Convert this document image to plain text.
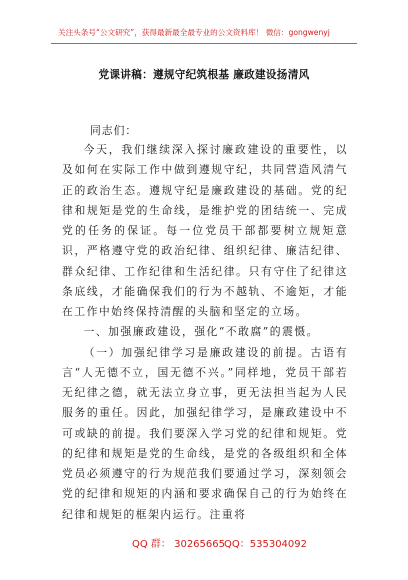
关注头条号“公文研究”，获得最新最全最专业的公文资料库！ 微信：gongwenyj
党课讲稿：遵规守纪筑根基 廉政建设扬清风
同志们：

今天，我们继续深入探讨廉政建设的重要性，以及如何在实际工作中做到遵规守纪，共同营造风清气正的政治生态。遵规守纪是廉政建设的基础。党的纪律和规矩是党的生命线，是维护党的团结统一、完成党的任务的保证。每一位党员干部都要树立规矩意识，严格遵守党的政治纪律、组织纪律、廉洁纪律、群众纪律、工作纪律和生活纪律。只有守住了纪律这条底线，才能确保我们的行为不越轨、不逾矩，才能在工作中始终保持清醒的头脑和坚定的立场。

一、加强廉政建设，强化“不敢腐”的震慑。

（一）加强纪律学习是廉政建设的前提。古语有言“人无德不立，国无德不兴。”同样地，党员干部若无纪律之德，就无法立身立事，更无法担当起为人民服务的重任。因此，加强纪律学习，是廉政建设中不可或缺的前提。我们要深入学习党的纪律和规矩。党的纪律和规矩是党的生命线，是党的各级组织和全体党员必须遵守的行为规范我们要通过学习，深刻领会党的纪律和规矩的内涵和要求确保自己的行为始终在纪律和规矩的框架内运行。注重将

QQ 群： 30265665 QQ：535304092
